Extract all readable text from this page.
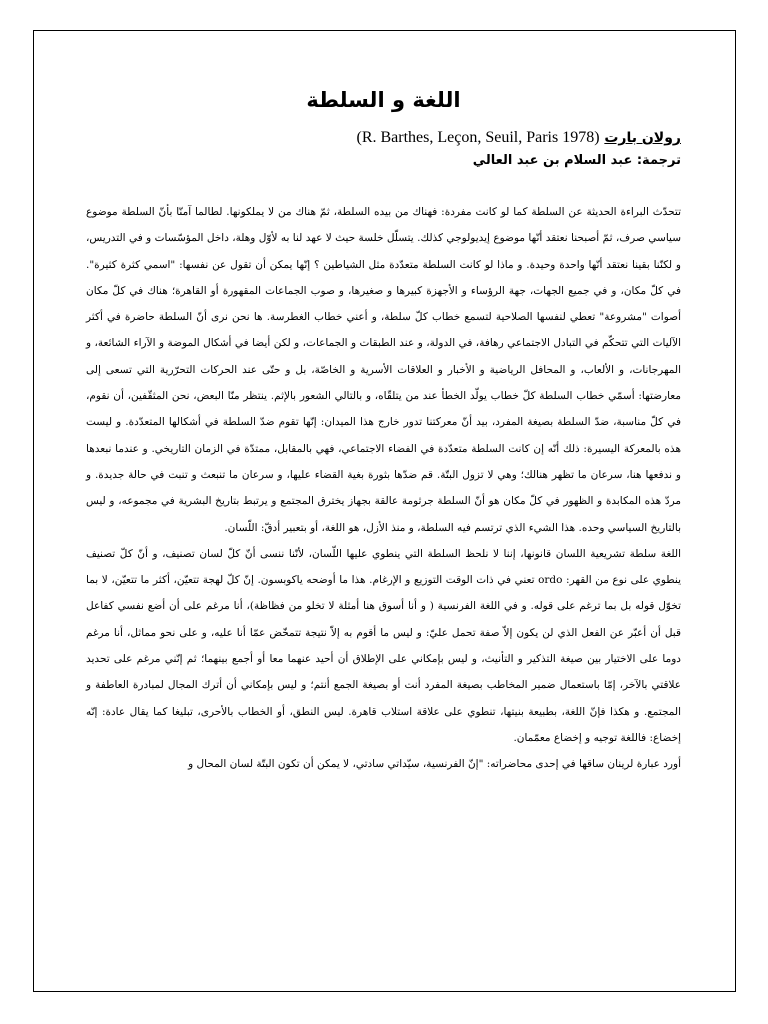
اللغة و السلطة

رولان بارت (R. Barthes, Leçon, Seuil, Paris 1978)

ترجمة: عبد السلام بن عبد العالي

تتحدّث البراءة الحديثة عن السلطة كما لو كانت مفردة: فهناك من بيده السلطة، ثمّ هناك من لا يملكونها. لطالما آمنّا بأنّ السلطة موضوع سياسي صرف، ثمّ أصبحنا نعتقد أنّها موضوع إيديولوجي كذلك. يتسلّل خلسة حيث لا عهد لنا به لأوّل وهلة، داخل المؤسّسات و في التدريس، و لكنّنا بقينا نعتقد أنّها واحدة وحيدة. و ماذا لو كانت السلطة متعدّدة مثل الشياطين ؟ إنّها يمكن أن تقول عن نفسها: "اسمي كثرة كثيرة". في كلّ مكان، و في جميع الجهات، جهة الرؤساء و الأجهزة كبيرها و صغيرها، و صوب الجماعات المقهورة أو القاهرة؛ هناك في كلّ مكان أصوات "مشروعة" تعطي لنفسها الصلاحية لتسمع خطاب كلّ سلطة، و أعني خطاب الغطرسة. ها نحن نرى أنّ السلطة حاضرة في أكثر الآليات التي تتحكّم في التبادل الاجتماعي رهافة، في الدولة، و عند الطبقات و الجماعات، و لكن أيضا في أشكال الموضة و الآراء الشائعة، و المهرجانات، و الألعاب، و المحافل الرياضية و الأخبار و العلاقات الأسرية و الخاصّة، بل و حتّى عند الحركات التحرّرية التي تسعى إلى معارضتها: أسمّي خطاب السلطة كلّ خطاب يولّد الخطأ عند من يتلقّاه، و بالتالي الشعور بالإثم. ينتظر منّا البعض، نحن المثقّفين، أن نقوم، في كلّ مناسبة، ضدّ السلطة بصيغة المفرد، بيد أنّ معركتنا تدور خارج هذا الميدان: إنّها تقوم ضدّ السلطة في أشكالها المتعدّدة. و ليست هذه بالمعركة اليسيرة: ذلك أنّه إن كانت السلطة متعدّدة في الفضاء الاجتماعي، فهي بالمقابل، ممتدّة في الزمان التاريخي. و عندما نبعدها و ندفعها هنا، سرعان ما تظهر هنالك؛ وهي لا تزول البتّة. قم ضدّها بثورة بغية القضاء عليها، و سرعان ما تنبعث و تنبت في حالة جديدة. و مردّ هذه المكابدة و الظهور في كلّ مكان هو أنّ السلطة جرثومة عالقة بجهاز يخترق المجتمع و يرتبط بتاريخ البشرية في مجموعه، و ليس بالتاريخ السياسي وحده. هذا الشيء الذي ترتسم فيه السلطة، و منذ الأزل، هو اللغة، أو بتعبير أدقّ: اللّسان.

اللغة سلطة تشريعية اللسان قانونها، إننا لا نلحظ السلطة التي ينطوي عليها اللّسان، لأنّنا ننسى أنّ كلّ لسان تصنيف، و أنّ كلّ تصنيف ينطوي على نوع من القهر: ordo تعني في ذات الوقت التوزيع و الإرغام. هذا ما أوضحه ياكوبسون. إنّ كلّ لهجة تتعيّن، أكثر ما تتعيّن، لا بما تخوّل قوله بل بما ترغم على قوله. و في اللغة الفرنسية ( و أنا أسوق هنا أمثلة لا تخلو من فظاظة)، أنا مرغم على أن أضع نفسي كفاعل قبل أن أعبّر عن الفعل الذي لن يكون إلاّ صفة تحمل عليّ: و ليس ما أقوم به إلاّ نتيجة تتمخّض عمّا أنا عليه، و على نحو مماثل، أنا مرغم دوما على الاختيار بين صيغة التذكير و التأنيث، و ليس بإمكاني على الإطلاق أن أحيد عنهما معا أو أجمع بينهما؛ ثم إنّني مرغم على تحديد علاقتي بالآخر، إمّا باستعمال ضمير المخاطب بصيغة المفرد أنت أو بصيغة الجمع أنتم؛ و ليس بإمكاني أن أترك المجال لمبادرة العاطفة و المجتمع. و هكذا فإنّ اللغة، بطبيعة بنيتها، تنطوي على علاقة استلاب قاهرة. ليس النطق، أو الخطاب بالأحرى، تبليغا كما يقال عادة: إنّه إخضاع: فاللغة توجيه و إخضاع معمّمان.

أورد عبارة لرينان ساقها في إحدى محاضراته: "إنّ الفرنسية، سيّداتي سادتي، لا يمكن أن تكون البتّة لسان المحال و
